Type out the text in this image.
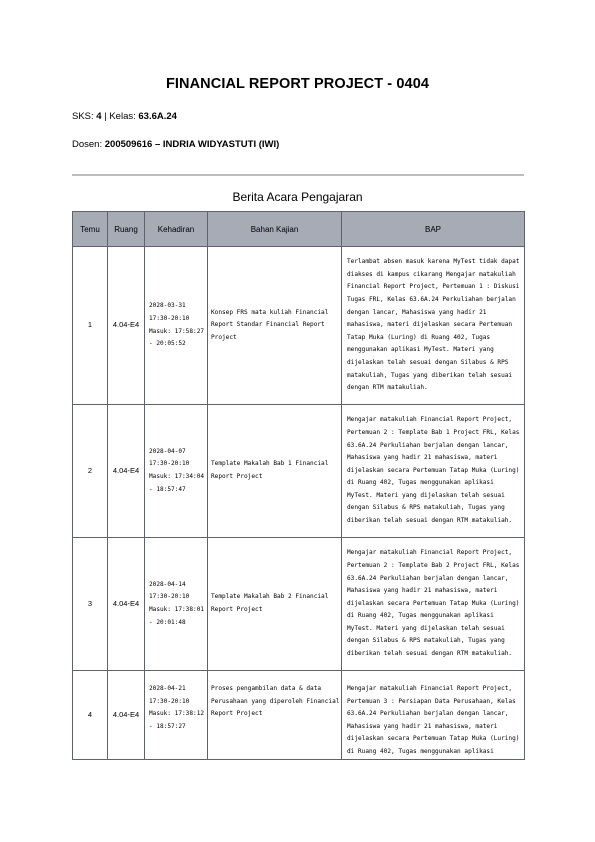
FINANCIAL REPORT PROJECT - 0404
SKS: 4 | Kelas: 63.6A.24
Dosen: 200509616 – INDRIA WIDYASTUTI (IWI)
Berita Acara Pengajaran
Temu	Ruang	Kehadiran	Bahan Kajian	BAP
1	4.04-E4	2028-03-31 17:30-20:10 Masuk: 17:58:27 - 20:05:52	Konsep FRS mata kuliah Financial Report Standar Financial Report Project	Terlambat absen masuk karena MyTest tidak dapat diakses di kampus cikarang Mengajar matakuliah Financial Report Project, Pertemuan 1 : Diskusi Tugas FRL, Kelas 63.6A.24 Perkuliahan berjalan dengan lancar, Mahasiswa yang hadir 21 mahasiswa, materi dijelaskan secara Pertemuan Tatap Muka (Luring) di Ruang 402, Tugas menggunakan aplikasi MyTest. Materi yang dijelaskan telah sesuai dengan Silabus & RPS matakuliah, Tugas yang diberikan telah sesuai dengan RTM matakuliah.
2	4.04-E4	2028-04-07 17:30-20:10 Masuk: 17:34:04 - 18:57:47	Template Makalah Bab 1 Financial Report Project	Mengajar matakuliah Financial Report Project, Pertemuan 2 : Template Bab 1 Project FRL, Kelas 63.6A.24 Perkuliahan berjalan dengan lancar, Mahasiswa yang hadir 21 mahasiswa, materi dijelaskan secara Pertemuan Tatap Muka (Luring) di Ruang 402, Tugas menggunakan aplikasi MyTest. Materi yang dijelaskan telah sesuai dengan Silabus & RPS matakuliah, Tugas yang diberikan telah sesuai dengan RTM matakuliah.
3	4.04-E4	2028-04-14 17:30-20:10 Masuk: 17:38:01 - 20:01:48	Template Makalah Bab 2 Financial Report Project	Mengajar matakuliah Financial Report Project, Pertemuan 2 : Template Bab 2 Project FRL, Kelas 63.6A.24 Perkuliahan berjalan dengan lancar, Mahasiswa yang hadir 21 mahasiswa, materi dijelaskan secara Pertemuan Tatap Muka (Luring) di Ruang 402, Tugas menggunakan aplikasi MyTest. Materi yang dijelaskan telah sesuai dengan Silabus & RPS matakuliah, Tugas yang diberikan telah sesuai dengan RTM matakuliah.
4	4.04-E4	2028-04-21 17:30-20:10 Masuk: 17:38:12 - 18:57:27	Proses pengambilan data & data Perusahaan yang diperoleh Financial Report Project	Mengajar matakuliah Financial Report Project, Pertemuan 3 : Persiapan Data Perusahaan, Kelas 63.6A.24 Perkuliahan berjalan dengan lancar, Mahasiswa yang hadir 21 mahasiswa, materi dijelaskan secara Pertemuan Tatap Muka (Luring) di Ruang 402, Tugas menggunakan aplikasi
